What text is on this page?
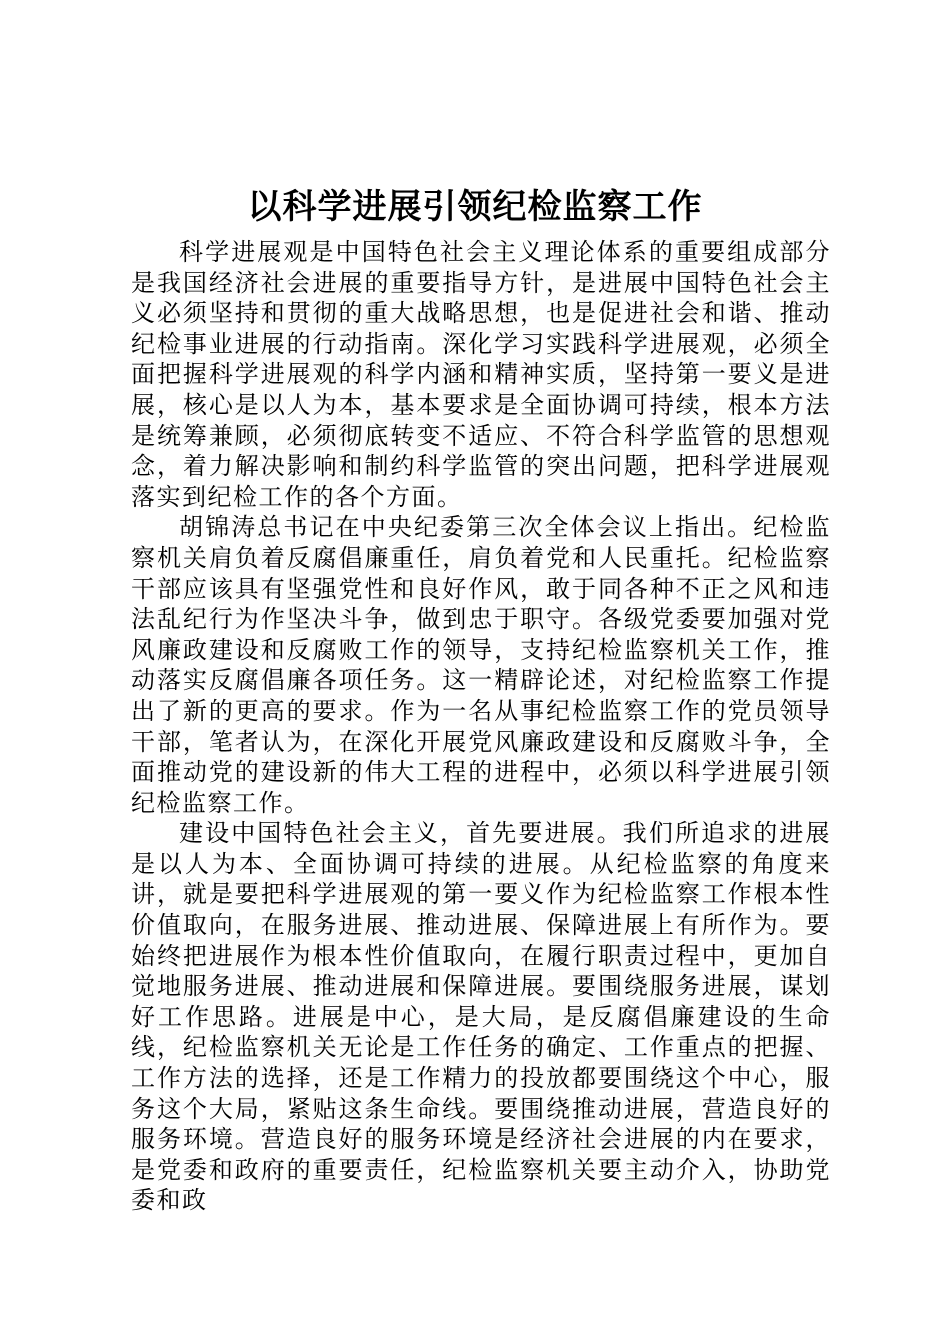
以科学进展引领纪检监察工作

科学进展观是中国特色社会主义理论体系的重要组成部分是我国经济社会进展的重要指导方针，是进展中国特色社会主义必须坚持和贯彻的重大战略思想，也是促进社会和谐、推动纪检事业进展的行动指南。深化学习实践科学进展观，必须全面把握科学进展观的科学内涵和精神实质，坚持第一要义是进展，核心是以人为本，基本要求是全面协调可持续，根本方法是统筹兼顾，必须彻底转变不适应、不符合科学监管的思想观念，着力解决影响和制约科学监管的突出问题，把科学进展观落实到纪检工作的各个方面。

胡锦涛总书记在中央纪委第三次全体会议上指出。纪检监察机关肩负着反腐倡廉重任，肩负着党和人民重托。纪检监察干部应该具有坚强党性和良好作风，敢于同各种不正之风和违法乱纪行为作坚决斗争，做到忠于职守。各级党委要加强对党风廉政建设和反腐败工作的领导，支持纪检监察机关工作，推动落实反腐倡廉各项任务。这一精辟论述，对纪检监察工作提出了新的更高的要求。作为一名从事纪检监察工作的党员领导干部，笔者认为，在深化开展党风廉政建设和反腐败斗争，全面推动党的建设新的伟大工程的进程中，必须以科学进展引领纪检监察工作。

建设中国特色社会主义，首先要进展。我们所追求的进展是以人为本、全面协调可持续的进展。从纪检监察的角度来讲，就是要把科学进展观的第一要义作为纪检监察工作根本性价值取向，在服务进展、推动进展、保障进展上有所作为。要始终把进展作为根本性价值取向，在履行职责过程中，更加自觉地服务进展、推动进展和保障进展。要围绕服务进展，谋划好工作思路。进展是中心，是大局，是反腐倡廉建设的生命线，纪检监察机关无论是工作任务的确定、工作重点的把握、工作方法的选择，还是工作精力的投放都要围绕这个中心，服务这个大局，紧贴这条生命线。要围绕推动进展，营造良好的服务环境。营造良好的服务环境是经济社会进展的内在要求，是党委和政府的重要责任，纪检监察机关要主动介入，协助党委和政
